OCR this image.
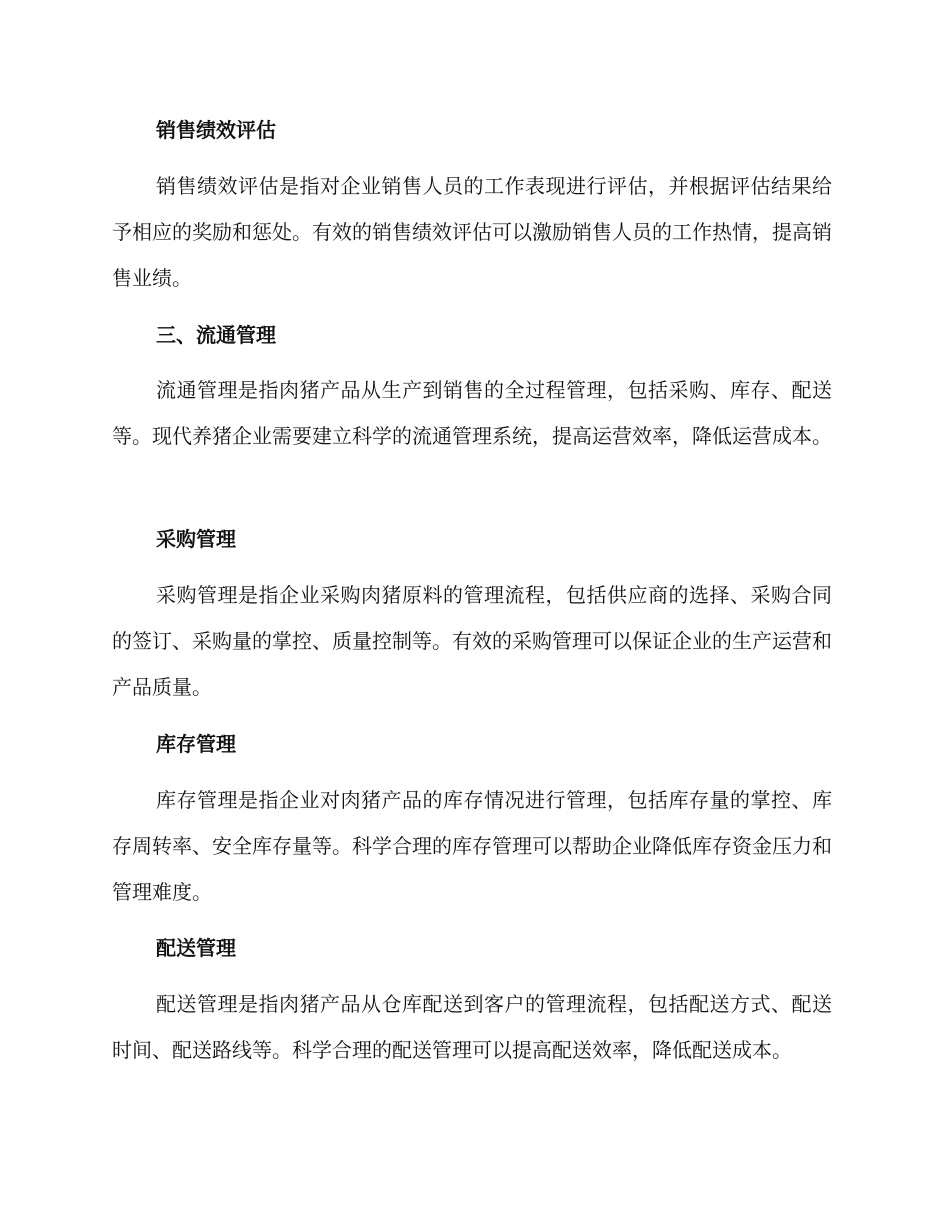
销售绩效评估

销售绩效评估是指对企业销售人员的工作表现进行评估，并根据评估结果给予相应的奖励和惩处。有效的销售绩效评估可以激励销售人员的工作热情，提高销售业绩。

三、流通管理

流通管理是指肉猪产品从生产到销售的全过程管理，包括采购、库存、配送等。现代养猪企业需要建立科学的流通管理系统，提高运营效率，降低运营成本。

采购管理

采购管理是指企业采购肉猪原料的管理流程，包括供应商的选择、采购合同的签订、采购量的掌控、质量控制等。有效的采购管理可以保证企业的生产运营和产品质量。

库存管理

库存管理是指企业对肉猪产品的库存情况进行管理，包括库存量的掌控、库存周转率、安全库存量等。科学合理的库存管理可以帮助企业降低库存资金压力和管理难度。

配送管理

配送管理是指肉猪产品从仓库配送到客户的管理流程，包括配送方式、配送时间、配送路线等。科学合理的配送管理可以提高配送效率，降低配送成本。
